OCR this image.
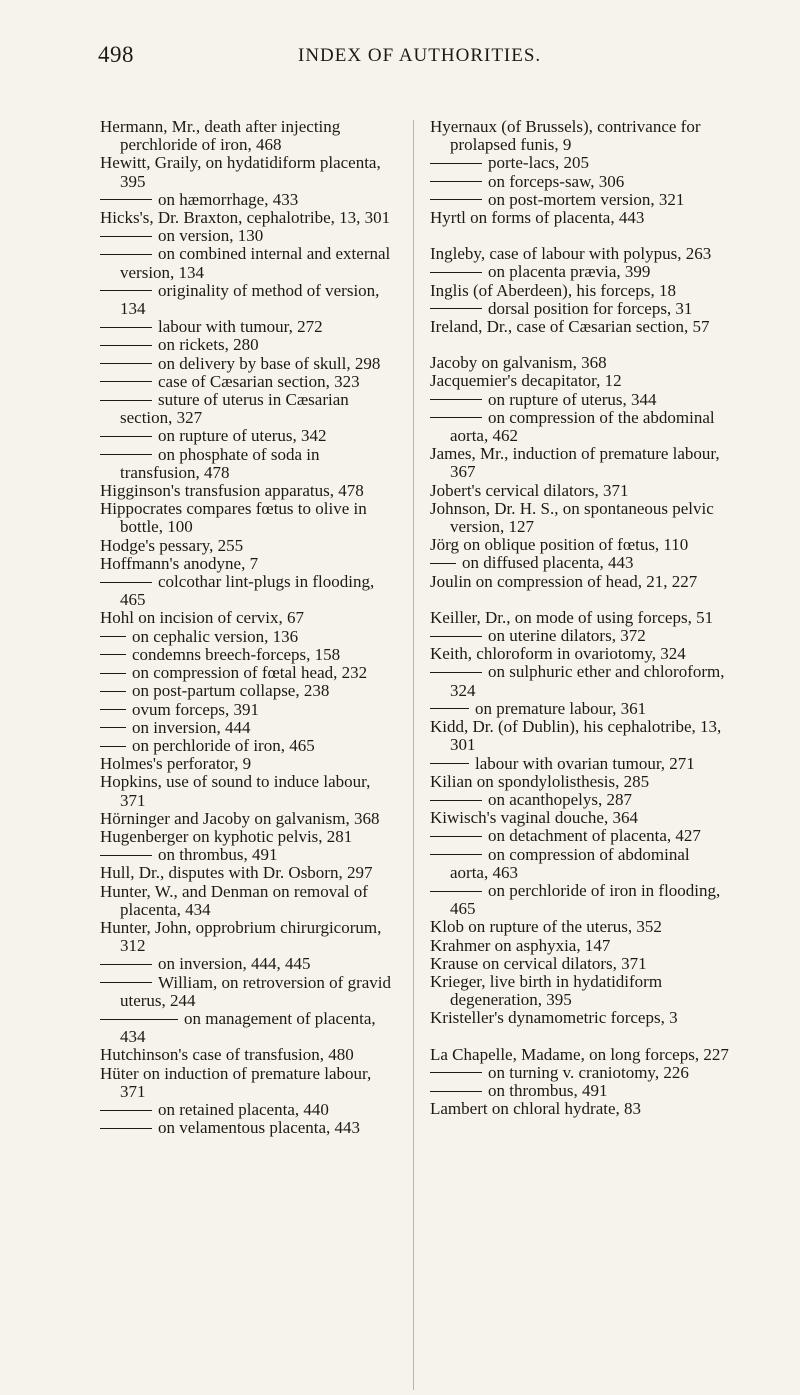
498	INDEX OF AUTHORITIES.

Hermann, Mr., death after injecting perchloride of iron, 468

Hewitt, Graily, on hydatidiform placenta, 395

on hæmorrhage, 433

Hicks's, Dr. Braxton, cephalotribe, 13, 301

on version, 130

on combined internal and external version, 134

originality of method of version, 134

labour with tumour, 272

on rickets, 280

on delivery by base of skull, 298

case of Cæsarian section, 323

suture of uterus in Cæsarian section, 327

on rupture of uterus, 342

on phosphate of soda in transfusion, 478

Higginson's transfusion apparatus, 478

Hippocrates compares fœtus to olive in bottle, 100

Hodge's pessary, 255

Hoffmann's anodyne, 7

colcothar lint-plugs in flooding, 465

Hohl on incision of cervix, 67

on cephalic version, 136

condemns breech-forceps, 158

on compression of fœtal head, 232

on post-partum collapse, 238

ovum forceps, 391

on inversion, 444

on perchloride of iron, 465

Holmes's perforator, 9

Hopkins, use of sound to induce labour, 371

Hörninger and Jacoby on galvanism, 368

Hugenberger on kyphotic pelvis, 281

on thrombus, 491

Hull, Dr., disputes with Dr. Osborn, 297

Hunter, W., and Denman on removal of placenta, 434

Hunter, John, opprobrium chirurgicorum, 312

on inversion, 444, 445

William, on retroversion of gravid uterus, 244

on management of placenta, 434

Hutchinson's case of transfusion, 480

Hüter on induction of premature labour, 371

on retained placenta, 440

on velamentous placenta, 443

Hyernaux (of Brussels), contrivance for prolapsed funis, 9

porte-lacs, 205

on forceps-saw, 306

on post-mortem version, 321

Hyrtl on forms of placenta, 443

Ingleby, case of labour with polypus, 263

on placenta prævia, 399

Inglis (of Aberdeen), his forceps, 18

dorsal position for forceps, 31

Ireland, Dr., case of Cæsarian section, 57

Jacoby on galvanism, 368

Jacquemier's decapitator, 12

on rupture of uterus, 344

on compression of the abdominal aorta, 462

James, Mr., induction of premature labour, 367

Jobert's cervical dilators, 371

Johnson, Dr. H. S., on spontaneous pelvic version, 127

Jörg on oblique position of fœtus, 110

on diffused placenta, 443

Joulin on compression of head, 21, 227

Keiller, Dr., on mode of using forceps, 51

on uterine dilators, 372

Keith, chloroform in ovariotomy, 324

on sulphuric ether and chloroform, 324

on premature labour, 361

Kidd, Dr. (of Dublin), his cephalotribe, 13, 301

labour with ovarian tumour, 271

Kilian on spondylolisthesis, 285

on acanthopelys, 287

Kiwisch's vaginal douche, 364

on detachment of placenta, 427

on compression of abdominal aorta, 463

on perchloride of iron in flooding, 465

Klob on rupture of the uterus, 352

Krahmer on asphyxia, 147

Krause on cervical dilators, 371

Krieger, live birth in hydatidiform degeneration, 395

Kristeller's dynamometric forceps, 3

La Chapelle, Madame, on long forceps, 227

on turning v. craniotomy, 226

on thrombus, 491

Lambert on chloral hydrate, 83
